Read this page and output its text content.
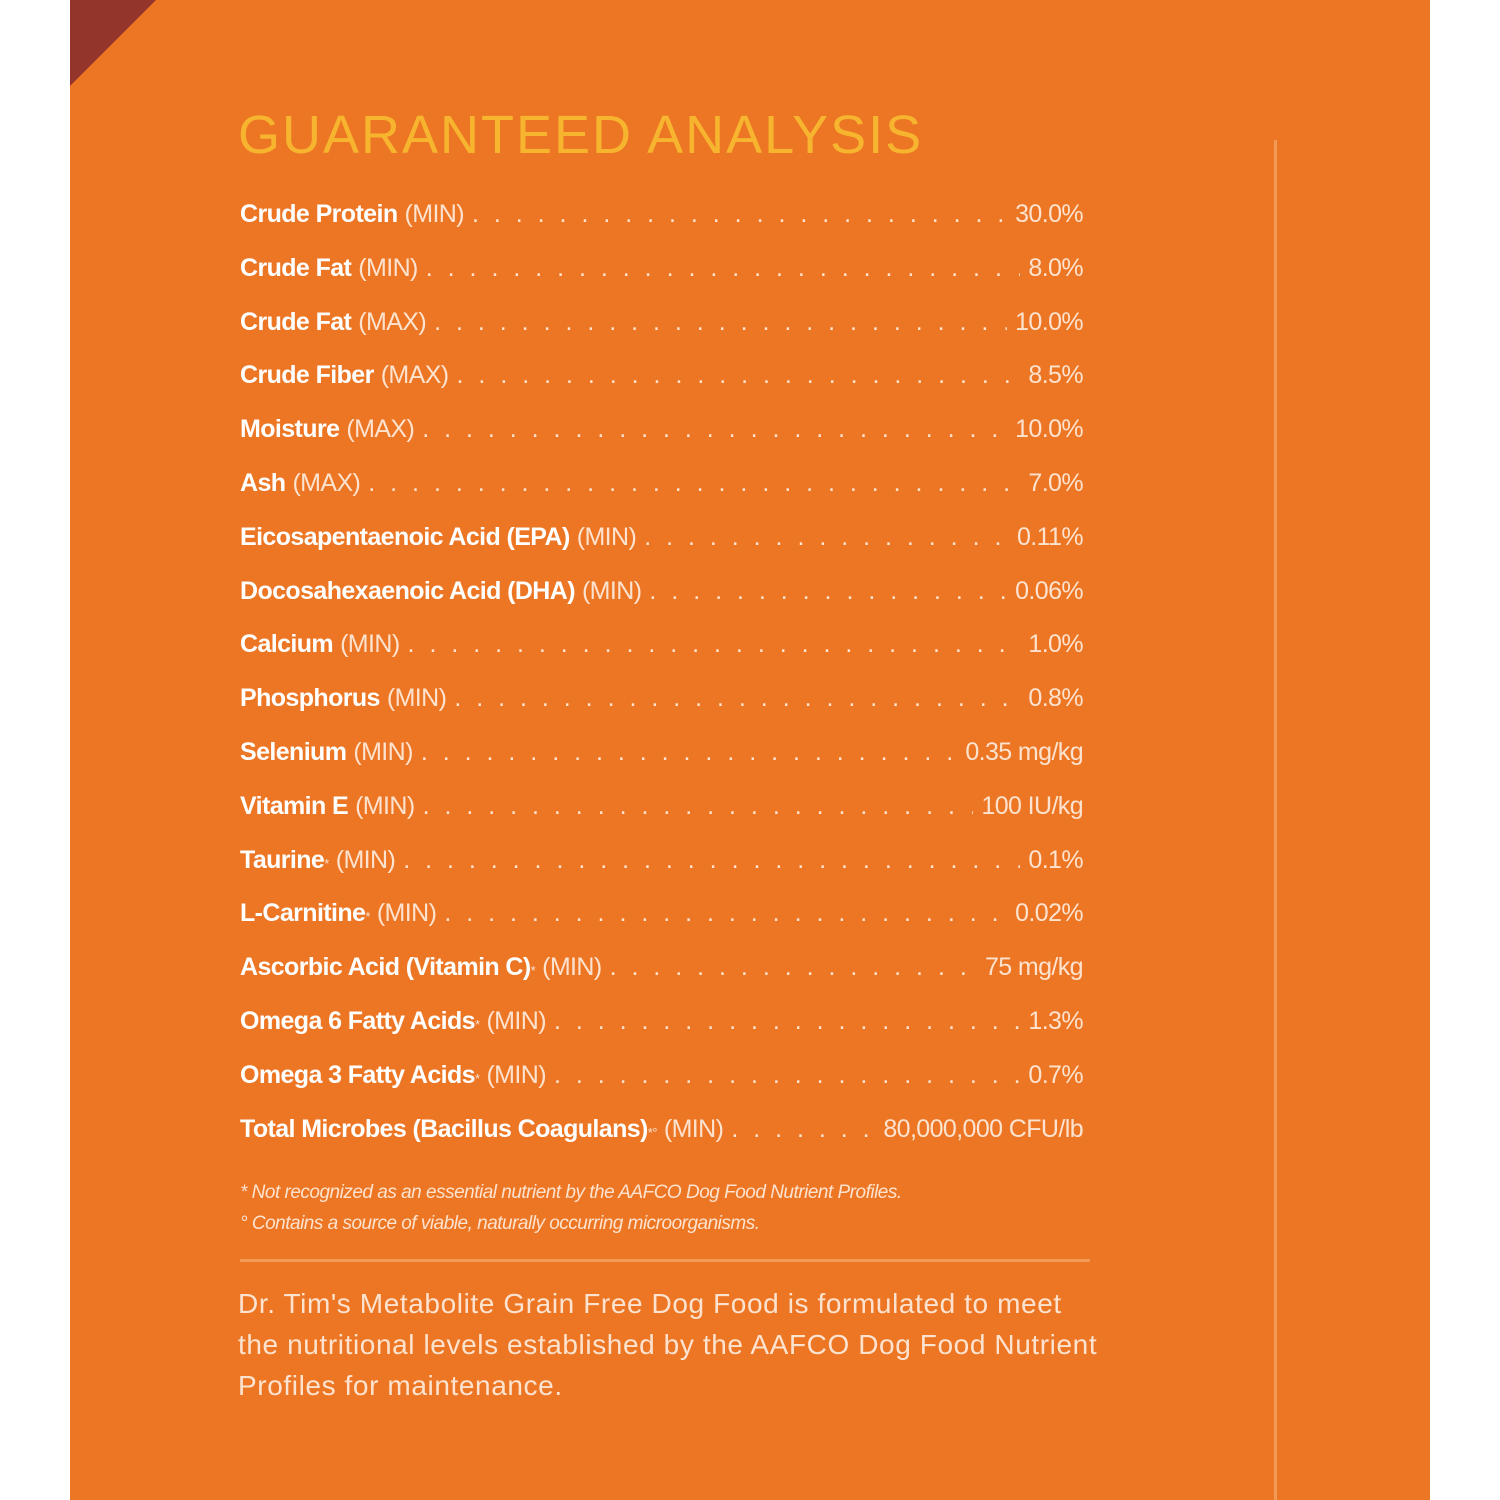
GUARANTEED ANALYSIS
Crude Protein (MIN) . . .	30.0%
Crude Fat (MIN) . . .	8.0%
Crude Fat (MAX) . . .	10.0%
Crude Fiber (MAX) . . .	8.5%
Moisture (MAX) . . .	10.0%
Ash (MAX) . . .	7.0%
Eicosapentaenoic Acid (EPA) (MIN) . . .	0.11%
Docosahexaenoic Acid (DHA) (MIN) . . .	0.06%
Calcium (MIN) . . .	1.0%
Phosphorus (MIN) . . .	0.8%
Selenium (MIN) . . .	0.35 mg/kg
Vitamin E (MIN) . . .	100 IU/kg
Taurine * (MIN) . . .	0.1%
L-Carnitine * (MIN) . . .	0.02%
Ascorbic Acid (Vitamin C) * (MIN) . . .	75 mg/kg
Omega 6 Fatty Acids * (MIN) . . .	1.3%
Omega 3 Fatty Acids * (MIN) . . .	0.7%
Total Microbes (Bacillus Coagulans) *° (MIN) . . .	80,000,000 CFU/lb
* Not recognized as an essential nutrient by the AAFCO Dog Food Nutrient Profiles.
° Contains a source of viable, naturally occurring microorganisms.
Dr. Tim's Metabolite Grain Free Dog Food is formulated to meet the nutritional levels established by the AAFCO Dog Food Nutrient Profiles for maintenance.
